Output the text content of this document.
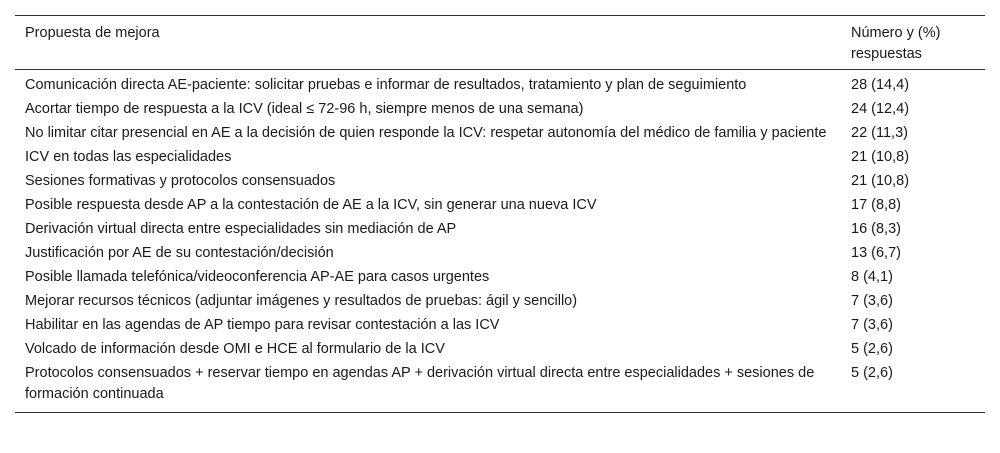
Propuesta de mejora	Número y (%) respuestas
Comunicación directa AE-paciente: solicitar pruebas e informar de resultados, tratamiento y plan de seguimiento	28 (14,4)
Acortar tiempo de respuesta a la ICV (ideal ≤ 72-96 h, siempre menos de una semana)	24 (12,4)
No limitar citar presencial en AE a la decisión de quien responde la ICV: respetar autonomía del médico de familia y paciente	22 (11,3)
ICV en todas las especialidades	21 (10,8)
Sesiones formativas y protocolos consensuados	21 (10,8)
Posible respuesta desde AP a la contestación de AE a la ICV, sin generar una nueva ICV	17 (8,8)
Derivación virtual directa entre especialidades sin mediación de AP	16 (8,3)
Justificación por AE de su contestación/decisión	13 (6,7)
Posible llamada telefónica/videoconferencia AP-AE para casos urgentes	8 (4,1)
Mejorar recursos técnicos (adjuntar imágenes y resultados de pruebas: ágil y sencillo)	7 (3,6)
Habilitar en las agendas de AP tiempo para revisar contestación a las ICV	7 (3,6)
Volcado de información desde OMI e HCE al formulario de la ICV	5 (2,6)
Protocolos consensuados + reservar tiempo en agendas AP + derivación virtual directa entre especialidades + sesiones de formación continuada	5 (2,6)
